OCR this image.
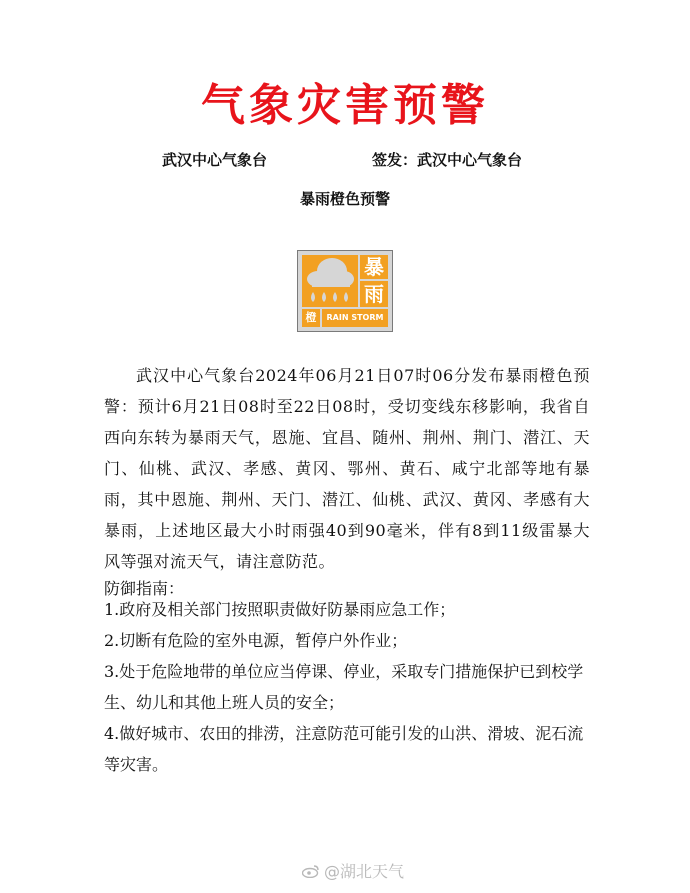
气象灾害预警
武汉中心气象台	签发：武汉中心气象台
暴雨橙色预警
暴
雨
橙	RAIN STORM

武汉中心气象台2024年06月21日07时06分发布暴雨橙色预警：预计6月21日08时至22日08时，受切变线东移影响，我省自西向东转为暴雨天气，恩施、宜昌、随州、荆州、荆门、潜江、天门、仙桃、武汉、孝感、黄冈、鄂州、黄石、咸宁北部等地有暴雨，其中恩施、荆州、天门、潜江、仙桃、武汉、黄冈、孝感有大暴雨，上述地区最大小时雨强40到90毫米，伴有8到11级雷暴大风等强对流天气，请注意防范。

防御指南：
1.政府及相关部门按照职责做好防暴雨应急工作；
2.切断有危险的室外电源，暂停户外作业；
3.处于危险地带的单位应当停课、停业，采取专门措施保护已到校学生、幼儿和其他上班人员的安全；
4.做好城市、农田的排涝，注意防范可能引发的山洪、滑坡、泥石流等灾害。
@湖北天气
